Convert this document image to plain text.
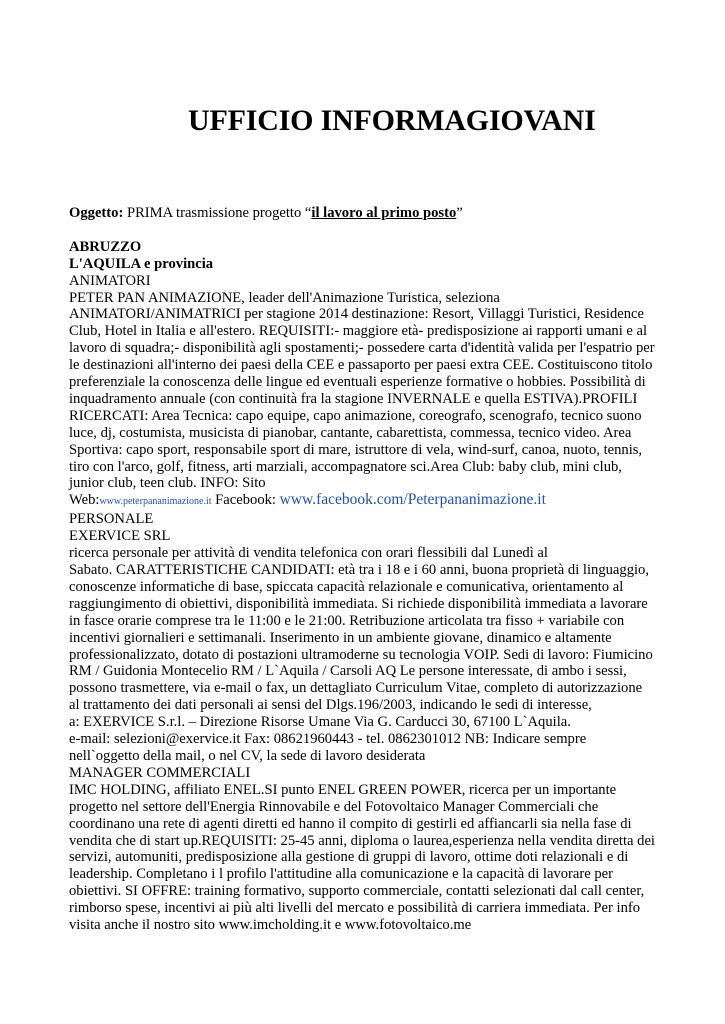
UFFICIO INFORMAGIOVANI
Oggetto: PRIMA trasmissione progetto “il lavoro al primo posto”
ABRUZZO
L'AQUILA e provincia
ANIMATORI
PETER PAN ANIMAZIONE, leader dell'Animazione Turistica, seleziona
ANIMATORI/ANIMATRICI per stagione 2014 destinazione: Resort, Villaggi Turistici, Residence
Club, Hotel in Italia e all'estero. REQUISITI:- maggiore età- predisposizione ai rapporti umani e al
lavoro di squadra;- disponibilità agli spostamenti;- possedere carta d'identità valida per l'espatrio per
le destinazioni all'interno dei paesi della CEE e passaporto per paesi extra CEE. Costituiscono titolo
preferenziale la conoscenza delle lingue ed eventuali esperienze formative o hobbies. Possibilità di
inquadramento annuale (con continuità fra la stagione INVERNALE e quella ESTIVA).PROFILI
RICERCATI: Area Tecnica: capo equipe, capo animazione, coreografo, scenografo, tecnico suono
luce, dj, costumista, musicista di pianobar, cantante, cabarettista, commessa, tecnico video. Area
Sportiva: capo sport, responsabile sport di mare, istruttore di vela, wind-surf, canoa, nuoto, tennis,
tiro con l'arco, golf, fitness, arti marziali, accompagnatore sci.Area Club: baby club, mini club,
junior club, teen club. INFO: Sito
Web:www.peterpananimazione.it Facebook: www.facebook.com/Peterpananimazione.it
PERSONALE
EXERVICE SRL
ricerca personale per attività di vendita telefonica con orari flessibili dal Lunedì al
Sabato. CARATTERISTICHE CANDIDATI: età tra i 18 e i 60 anni, buona proprietà di linguaggio,
conoscenze informatiche di base, spiccata capacità relazionale e comunicativa, orientamento al
raggiungimento di obiettivi, disponibilità immediata. Si richiede disponibilità immediata a lavorare
in fasce orarie comprese tra le 11:00 e le 21:00. Retribuzione articolata tra fisso + variabile con
incentivi giornalieri e settimanali. Inserimento in un ambiente giovane, dinamico e altamente
professionalizzato, dotato di postazioni ultramoderne su tecnologia VOIP. Sedi di lavoro: Fiumicino
RM / Guidonia Montecelio RM / L`Aquila / Carsoli AQ Le persone interessate, di ambo i sessi,
possono trasmettere, via e-mail o fax, un dettagliato Curriculum Vitae, completo di autorizzazione
al trattamento dei dati personali ai sensi del Dlgs.196/2003, indicando le sedi di interesse,
a: EXERVICE S.r.l. – Direzione Risorse Umane Via G. Carducci 30, 67100 L`Aquila.
e-mail: selezioni@exervice.it Fax: 08621960443 - tel. 0862301012 NB: Indicare sempre
nell`oggetto della mail, o nel CV, la sede di lavoro desiderata
MANAGER COMMERCIALI
IMC HOLDING, affiliato ENEL.SI punto ENEL GREEN POWER, ricerca per un importante
progetto nel settore dell'Energia Rinnovabile e del Fotovoltaico Manager Commerciali che
coordinano una rete di agenti diretti ed hanno il compito di gestirli ed affiancarli sia nella fase di
vendita che di start up.REQUISITI: 25-45 anni, diploma o laurea,esperienza nella vendita diretta dei
servizi, automuniti, predisposizione alla gestione di gruppi di lavoro, ottime doti relazionali e di
leadership. Completano i l profilo l'attitudine alla comunicazione e la capacità di lavorare per
obiettivi. SI OFFRE: training formativo, supporto commerciale, contatti selezionati dal call center,
rimborso spese, incentivi ai più alti livelli del mercato e possibilità di carriera immediata. Per info
visita anche il nostro sito www.imcholding.it e www.fotovoltaico.me
